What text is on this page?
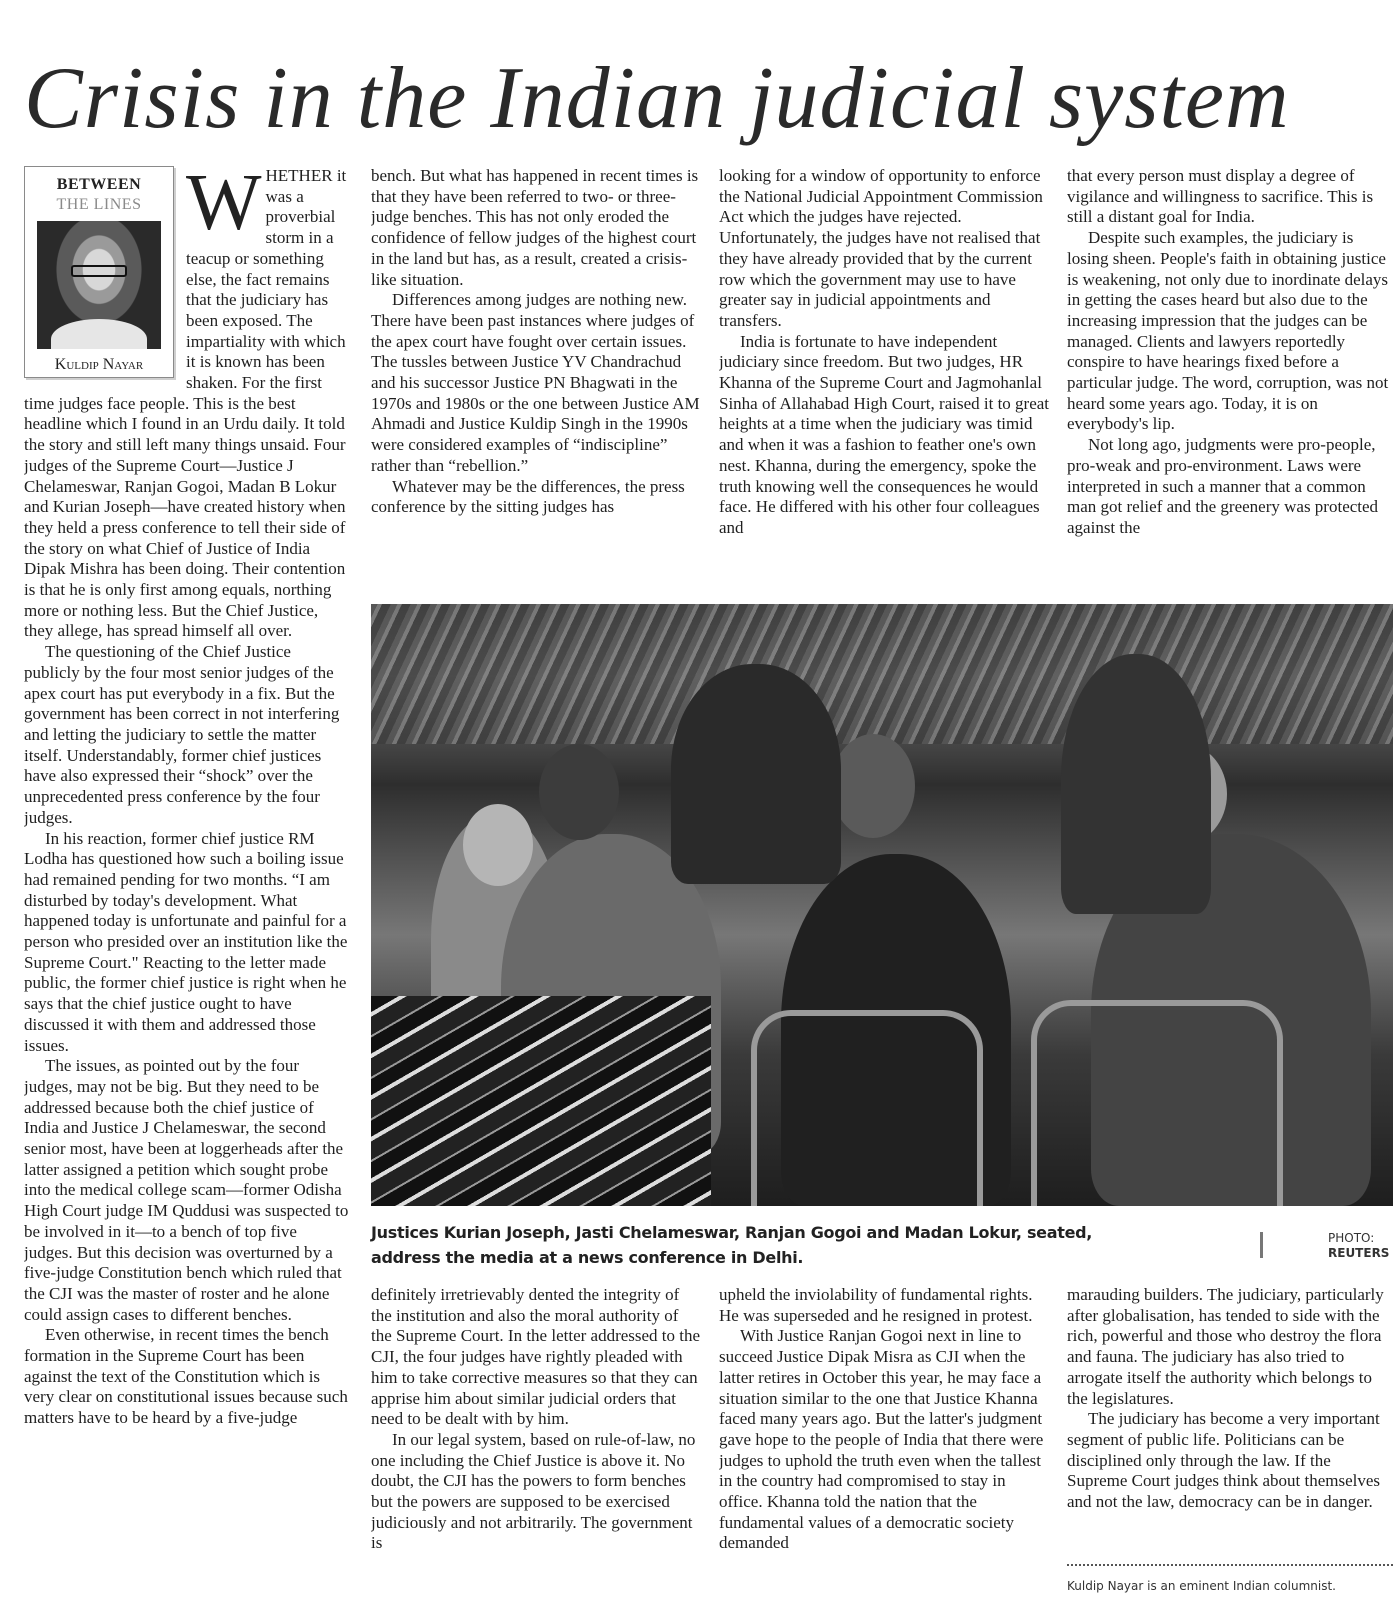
Crisis in the Indian judicial system
BETWEEN
THE LINES
Kuldip Nayar

WHETHER it was a proverbial storm in a teacup or something else, the fact remains that the judiciary has been exposed. The impartiality with which it is known has been shaken. For the first time judges face people. This is the best headline which I found in an Urdu daily. It told the story and still left many things unsaid. Four judges of the Supreme Court—Justice J Chelameswar, Ranjan Gogoi, Madan B Lokur and Kurian Joseph—have created history when they held a press conference to tell their side of the story on what Chief of Justice of India Dipak Mishra has been doing. Their contention is that he is only first among equals, northing more or nothing less. But the Chief Justice, they allege, has spread himself all over.

The questioning of the Chief Justice publicly by the four most senior judges of the apex court has put everybody in a fix. But the government has been correct in not interfering and letting the judiciary to settle the matter itself. Understandably, former chief justices have also expressed their “shock” over the unprecedented press conference by the four judges.

In his reaction, former chief justice RM Lodha has questioned how such a boiling issue had remained pending for two months. “I am disturbed by today's development. What happened today is unfortunate and painful for a person who presided over an institution like the Supreme Court." Reacting to the letter made public, the former chief justice is right when he says that the chief justice ought to have discussed it with them and addressed those issues.

The issues, as pointed out by the four judges, may not be big. But they need to be addressed because both the chief justice of India and Justice J Chelameswar, the second senior most, have been at loggerheads after the latter assigned a petition which sought probe into the medical college scam—former Odisha High Court judge IM Quddusi was suspected to be involved in it—to a bench of top five judges. But this decision was overturned by a five-judge Constitution bench which ruled that the CJI was the master of roster and he alone could assign cases to different benches.

Even otherwise, in recent times the bench formation in the Supreme Court has been against the text of the Constitution which is very clear on constitutional issues because such matters have to be heard by a five-judge

bench. But what has happened in recent times is that they have been referred to two- or three-judge benches. This has not only eroded the confidence of fellow judges of the highest court in the land but has, as a result, created a crisis-like situation.

Differences among judges are nothing new. There have been past instances where judges of the apex court have fought over certain issues. The tussles between Justice YV Chandrachud and his successor Justice PN Bhagwati in the 1970s and 1980s or the one between Justice AM Ahmadi and Justice Kuldip Singh in the 1990s were considered examples of “indiscipline” rather than “rebellion.”

Whatever may be the differences, the press conference by the sitting judges has

looking for a window of opportunity to enforce the National Judicial Appointment Commission Act which the judges have rejected. Unfortunately, the judges have not realised that they have already provided that by the current row which the government may use to have greater say in judicial appointments and transfers.

India is fortunate to have independent judiciary since freedom. But two judges, HR Khanna of the Supreme Court and Jagmohanlal Sinha of Allahabad High Court, raised it to great heights at a time when the judiciary was timid and when it was a fashion to feather one's own nest. Khanna, during the emergency, spoke the truth knowing well the consequences he would face. He differed with his other four colleagues and

that every person must display a degree of vigilance and willingness to sacrifice. This is still a distant goal for India.

Despite such examples, the judiciary is losing sheen. People's faith in obtaining justice is weakening, not only due to inordinate delays in getting the cases heard but also due to the increasing impression that the judges can be managed. Clients and lawyers reportedly conspire to have hearings fixed before a particular judge. The word, corruption, was not heard some years ago. Today, it is on everybody's lip.

Not long ago, judgments were pro-people, pro-weak and pro-environment. Laws were interpreted in such a manner that a common man got relief and the greenery was protected against the

Justices Kurian Joseph, Jasti Chelameswar, Ranjan Gogoi and Madan Lokur, seated, address the media at a news conference in Delhi.
PHOTO:
REUTERS

definitely irretrievably dented the integrity of the institution and also the moral authority of the Supreme Court. In the letter addressed to the CJI, the four judges have rightly pleaded with him to take corrective measures so that they can apprise him about similar judicial orders that need to be dealt with by him.

In our legal system, based on rule-of-law, no one including the Chief Justice is above it. No doubt, the CJI has the powers to form benches but the powers are supposed to be exercised judiciously and not arbitrarily. The government is

upheld the inviolability of fundamental rights. He was superseded and he resigned in protest.

With Justice Ranjan Gogoi next in line to succeed Justice Dipak Misra as CJI when the latter retires in October this year, he may face a situation similar to the one that Justice Khanna faced many years ago. But the latter's judgment gave hope to the people of India that there were judges to uphold the truth even when the tallest in the country had compromised to stay in office. Khanna told the nation that the fundamental values of a democratic society demanded

marauding builders. The judiciary, particularly after globalisation, has tended to side with the rich, powerful and those who destroy the flora and fauna. The judiciary has also tried to arrogate itself the authority which belongs to the legislatures.

The judiciary has become a very important segment of public life. Politicians can be disciplined only through the law. If the Supreme Court judges think about themselves and not the law, democracy can be in danger.

Kuldip Nayar is an eminent Indian columnist.
